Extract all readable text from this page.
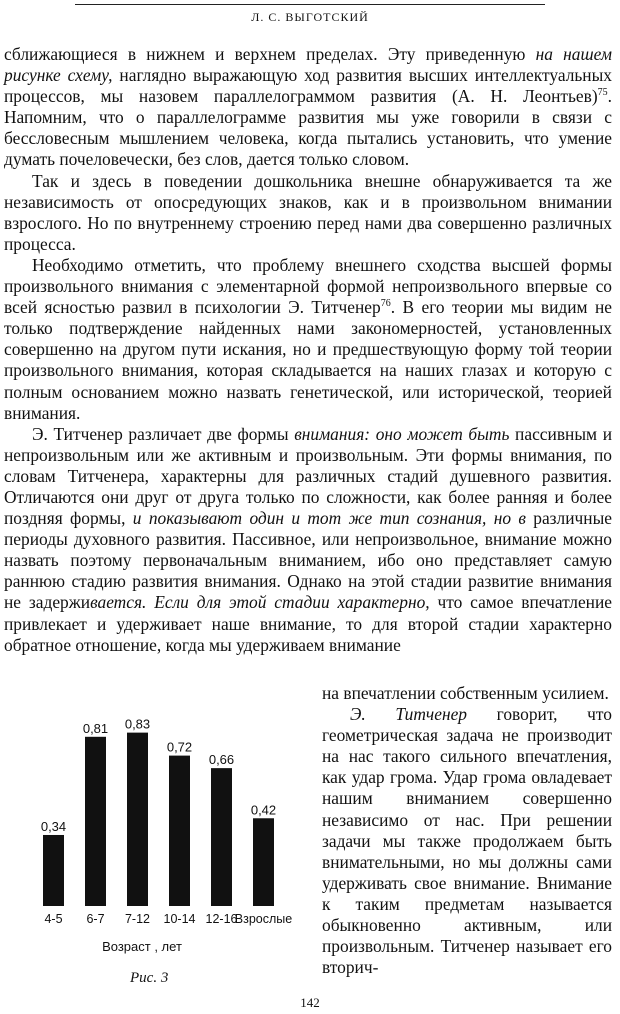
Л. С. ВЫГОТСКИЙ

сближающиеся в нижнем и верхнем пределах. Эту приведенную на нашем рисунке схему, наглядно выражающую ход развития высших интеллектуальных процессов, мы назовем параллелограммом развития (А. Н. Леонтьев)$^{75}$. Напомним, что о параллелограмме развития мы уже говорили в связи с бессловесным мышлением человека, когда пытались установить, что умение думать почеловечески, без слов, дается только словом.

Так и здесь в поведении дошкольника внешне обнаруживается та же независимость от опосредующих знаков, как и в произвольном внимании взрослого. Но по внутреннему строению перед нами два совершенно различных процесса.

Необходимо отметить, что проблему внешнего сходства высшей формы произвольного внимания с элементарной формой непроизвольного впервые со всей ясностью развил в психологии Э. Титченер$^{76}$. В его теории мы видим не только подтверждение найденных нами закономерностей, установленных совершенно на другом пути искания, но и предшествующую форму той теории произвольного внимания, которая складывается на наших глазах и которую с полным основанием можно назвать генетической, или исторической, теорией внимания.

Э. Титченер различает две формы внимания: оно может быть пассивным и непроизвольным или же активным и произвольным. Эти формы внимания, по словам Титченера, характерны для различных стадий душевного развития. Отличаются они друг от друга только по сложности, как более ранняя и более поздняя формы, и показывают один и тот же тип сознания, но в различные периоды духовного развития. Пассивное, или непроизвольное, внимание можно назвать поэтому первоначальным вниманием, ибо оно представляет самую раннюю стадию развития внимания. Однако на этой стадии развитие внимания не задерживается. Если для этой стадии характерно, что самое впечатление привлекает и удерживает наше внимание, то для второй стадии характерно обратное отношение, когда мы удерживаем внимание

на впечатлении собственным усилием.

Э. Титченер говорит, что геометрическая задача не производит на нас такого сильного впечатления, как удар грома. Удар грома овладевает нашим вниманием совершенно независимо от нас. При решении задачи мы также продолжаем быть внимательными, но мы должны сами удерживать свое внимание. Внимание к таким предметам называется обыкновенно активным, или произвольным. Титченер называет его вторич-

0,34
4-5
0,81
6-7
0,83
7-12
0,72
10-14
0,66
12-16
0,42
Взрослые
Возраст , лет
Рис. 3
142
